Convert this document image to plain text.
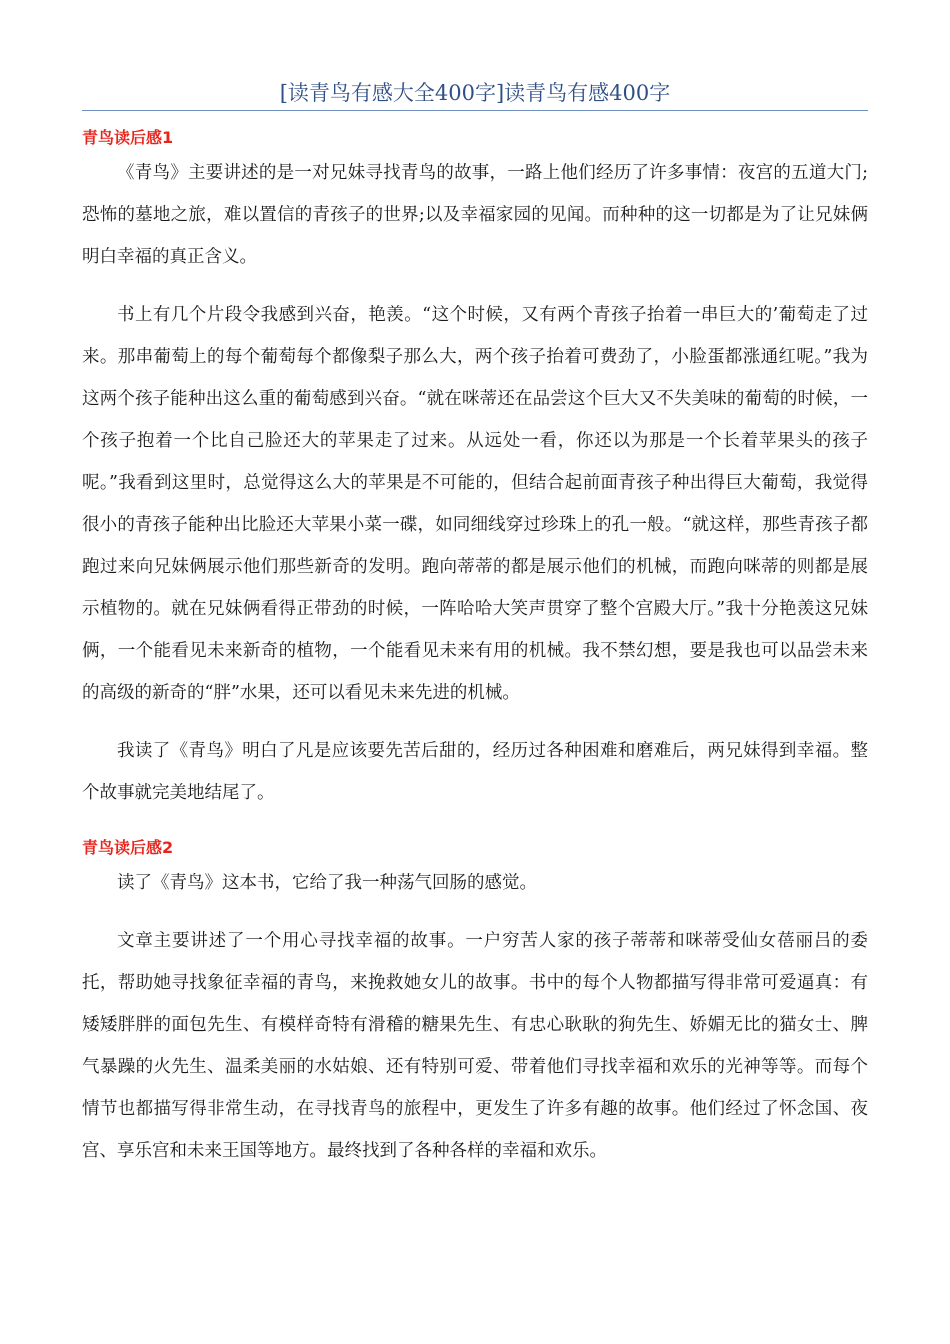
[读青鸟有感大全400字]读青鸟有感400字
青鸟读后感1

《青鸟》主要讲述的是一对兄妹寻找青鸟的故事，一路上他们经历了许多事情：夜宫的五道大门;恐怖的墓地之旅，难以置信的青孩子的世界;以及幸福家园的见闻。而种种的这一切都是为了让兄妹俩明白幸福的真正含义。

书上有几个片段令我感到兴奋，艳羡。“这个时候，又有两个青孩子抬着一串巨大的’葡萄走了过来。那串葡萄上的每个葡萄每个都像梨子那么大，两个孩子抬着可费劲了，小脸蛋都涨通红呢。”我为这两个孩子能种出这么重的葡萄感到兴奋。“就在咪蒂还在品尝这个巨大又不失美味的葡萄的时候，一个孩子抱着一个比自己脸还大的苹果走了过来。从远处一看，你还以为那是一个长着苹果头的孩子呢。”我看到这里时，总觉得这么大的苹果是不可能的，但结合起前面青孩子种出得巨大葡萄，我觉得很小的青孩子能种出比脸还大苹果小菜一碟，如同细线穿过珍珠上的孔一般。“就这样，那些青孩子都跑过来向兄妹俩展示他们那些新奇的发明。跑向蒂蒂的都是展示他们的机械，而跑向咪蒂的则都是展示植物的。就在兄妹俩看得正带劲的时候，一阵哈哈大笑声贯穿了整个宫殿大厅。”我十分艳羡这兄妹俩，一个能看见未来新奇的植物，一个能看见未来有用的机械。我不禁幻想，要是我也可以品尝未来的高级的新奇的“胖”水果，还可以看见未来先进的机械。

我读了《青鸟》明白了凡是应该要先苦后甜的，经历过各种困难和磨难后，两兄妹得到幸福。整个故事就完美地结尾了。

青鸟读后感2

读了《青鸟》这本书，它给了我一种荡气回肠的感觉。

文章主要讲述了一个用心寻找幸福的故事。一户穷苦人家的孩子蒂蒂和咪蒂受仙女蓓丽吕的委托，帮助她寻找象征幸福的青鸟，来挽救她女儿的故事。书中的每个人物都描写得非常可爱逼真：有矮矮胖胖的面包先生、有模样奇特有滑稽的糖果先生、有忠心耿耿的狗先生、娇媚无比的猫女士、脾气暴躁的火先生、温柔美丽的水姑娘、还有特别可爱、带着他们寻找幸福和欢乐的光神等等。而每个情节也都描写得非常生动，在寻找青鸟的旅程中，更发生了许多有趣的故事。他们经过了怀念国、夜宫、享乐宫和未来王国等地方。最终找到了各种各样的幸福和欢乐。
